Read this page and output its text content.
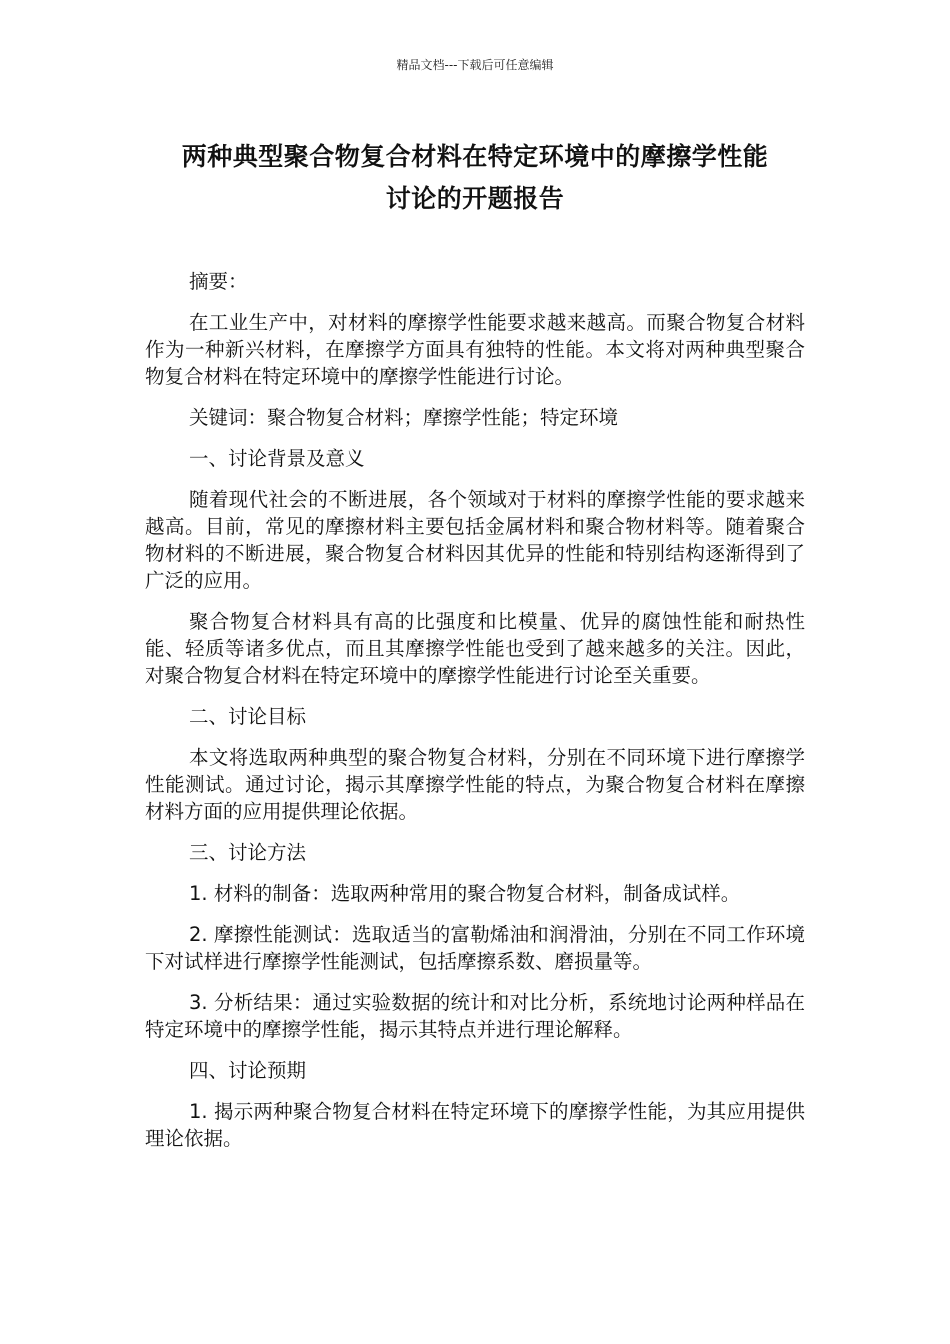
精品文档---下载后可任意编辑
两种典型聚合物复合材料在特定环境中的摩擦学性能
讨论的开题报告

摘要：

在工业生产中，对材料的摩擦学性能要求越来越高。而聚合物复合材料作为一种新兴材料，在摩擦学方面具有独特的性能。本文将对两种典型聚合物复合材料在特定环境中的摩擦学性能进行讨论。

关键词：聚合物复合材料；摩擦学性能；特定环境

一、讨论背景及意义

随着现代社会的不断进展，各个领域对于材料的摩擦学性能的要求越来越高。目前，常见的摩擦材料主要包括金属材料和聚合物材料等。随着聚合物材料的不断进展，聚合物复合材料因其优异的性能和特别结构逐渐得到了广泛的应用。

聚合物复合材料具有高的比强度和比模量、优异的腐蚀性能和耐热性能、轻质等诸多优点，而且其摩擦学性能也受到了越来越多的关注。因此，对聚合物复合材料在特定环境中的摩擦学性能进行讨论至关重要。

二、讨论目标

本文将选取两种典型的聚合物复合材料，分别在不同环境下进行摩擦学性能测试。通过讨论，揭示其摩擦学性能的特点，为聚合物复合材料在摩擦材料方面的应用提供理论依据。

三、讨论方法

1. 材料的制备：选取两种常用的聚合物复合材料，制备成试样。

2. 摩擦性能测试：选取适当的富勒烯油和润滑油，分别在不同工作环境下对试样进行摩擦学性能测试，包括摩擦系数、磨损量等。

3. 分析结果：通过实验数据的统计和对比分析，系统地讨论两种样品在特定环境中的摩擦学性能，揭示其特点并进行理论解释。

四、讨论预期

1. 揭示两种聚合物复合材料在特定环境下的摩擦学性能，为其应用提供理论依据。
